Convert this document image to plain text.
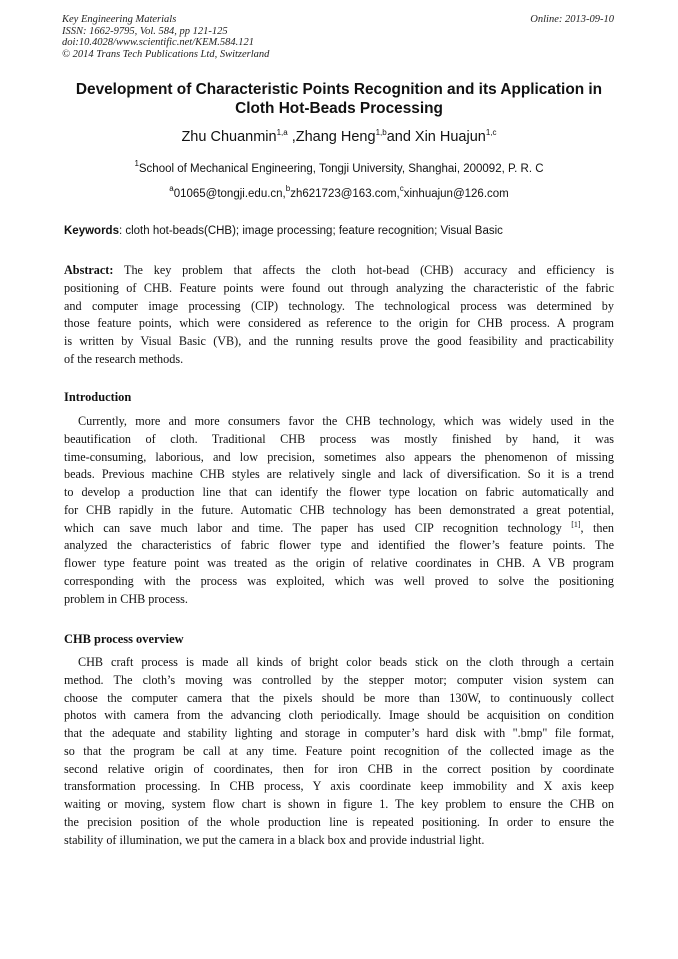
Key Engineering Materials
ISSN: 1662-9795, Vol. 584, pp 121-125
doi:10.4028/www.scientific.net/KEM.584.121
© 2014 Trans Tech Publications Ltd, Switzerland
Online: 2013-09-10
Development of Characteristic Points Recognition and its Application in
Cloth Hot-Beads Processing
Zhu Chuanmin$^{1,a}$ ,Zhang Heng$^{1,b}$and Xin Huajun$^{1,c}$
$^1$School of Mechanical Engineering, Tongji University, Shanghai, 200092, P. R. C
$^a$01065@tongji.edu.cn,$^b$zh621723@163.com,$^c$xinhuajun@126.com
Keywords: cloth hot-beads(CHB); image processing; feature recognition; Visual Basic
Abstract: The key problem that affects the cloth hot-bead (CHB) accuracy and efficiency is
positioning of CHB. Feature points were found out through analyzing the characteristic of the fabric
and computer image processing (CIP) technology. The technological process was determined by
those feature points, which were considered as reference to the origin for CHB process. A program
is written by Visual Basic (VB), and the running results prove the good feasibility and practicability
of the research methods.
Introduction
Currently, more and more consumers favor the CHB technology, which was widely used in the
beautification of cloth. Traditional CHB process was mostly finished by hand, it was
time-consuming, laborious, and low precision, sometimes also appears the phenomenon of missing
beads. Previous machine CHB styles are relatively single and lack of diversification. So it is a trend
to develop a production line that can identify the flower type location on fabric automatically and
for CHB rapidly in the future. Automatic CHB technology has been demonstrated a great potential,
which can save much labor and time. The paper has used CIP recognition technology [1], then
analyzed the characteristics of fabric flower type and identified the flower’s feature points. The
flower type feature point was treated as the origin of relative coordinates in CHB. A VB program
corresponding with the process was exploited, which was well proved to solve the positioning
problem in CHB process.
CHB process overview
CHB craft process is made all kinds of bright color beads stick on the cloth through a certain
method. The cloth’s moving was controlled by the stepper motor; computer vision system can
choose the computer camera that the pixels should be more than 130W, to continuously collect
photos with camera from the advancing cloth periodically. Image should be acquisition on condition
that the adequate and stability lighting and storage in computer’s hard disk with ".bmp" file format,
so that the program be call at any time. Feature point recognition of the collected image as the
second relative origin of coordinates, then for iron CHB in the correct position by coordinate
transformation processing. In CHB process, Y axis coordinate keep immobility and X axis keep
waiting or moving, system flow chart is shown in figure 1. The key problem to ensure the CHB on
the precision position of the whole production line is repeated positioning. In order to ensure the
stability of illumination, we put the camera in a black box and provide industrial light.
